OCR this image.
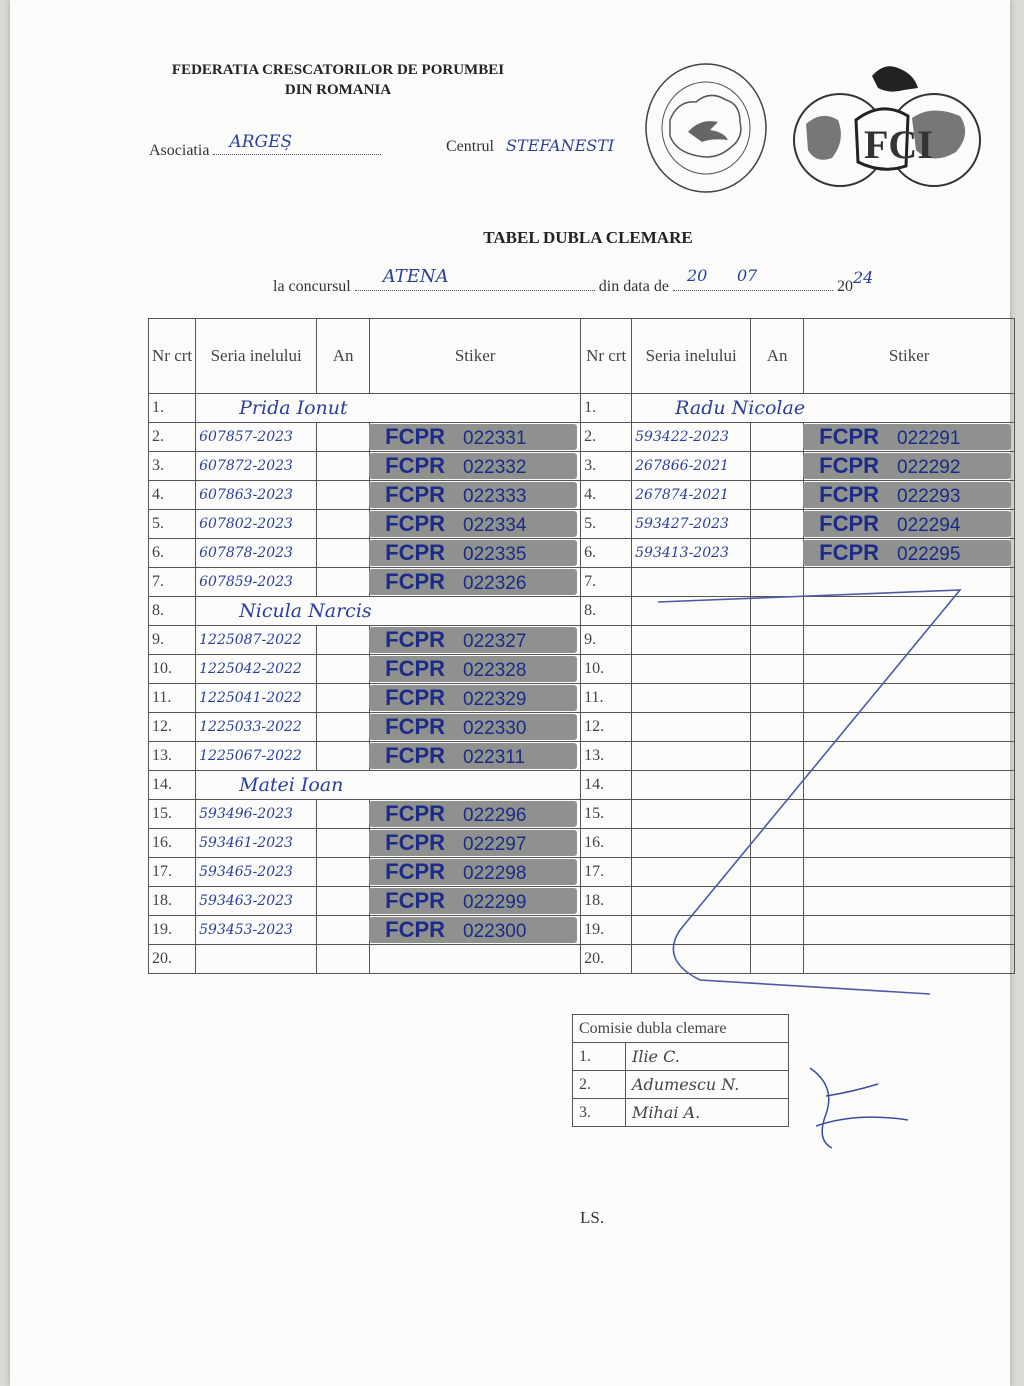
FEDERATIA CRESCATORILOR DE PORUMBEI
DIN ROMANIA
Asociatia ARGEȘ	Centrul STEFANESTI	FCI
TABEL DUBLA CLEMARE
la concursul ATENA	din data de
20 07
2024
Nr crt	Seria inelului	An	Stiker	Nr crt	Seria inelului	An	Stiker
1.	Prida Ionut			1.	Radu Nicolae		
2.	607857-2023		FCPR 022331	2.	593422-2023		FCPR 022291
3.	607872-2023		FCPR 022332	3.	267866-2021		FCPR 022292
4.	607863-2023		FCPR 022333	4.	267874-2021		FCPR 022293
5.	607802-2023		FCPR 022334	5.	593427-2023		FCPR 022294
6.	607878-2023		FCPR 022335	6.	593413-2023		FCPR 022295
7.	607859-2023		FCPR 022326	7.			
8.	Nicula Narcis			8.			
9.	1225087-2022		FCPR 022327	9.			
10.	1225042-2022		FCPR 022328	10.			
11.	1225041-2022		FCPR 022329	11.			
12.	1225033-2022		FCPR 022330	12.			
13.	1225067-2022		FCPR 022311	13.			
14.	Matei Ioan			14.			
15.	593496-2023		FCPR 022296	15.			
16.	593461-2023		FCPR 022297	16.			
17.	593465-2023		FCPR 022298	17.			
18.	593463-2023		FCPR 022299	18.			
19.	593453-2023		FCPR 022300	19.			
20.				20.			
Comisie dubla clemare	
1.	Ilie C.
2.	Adumescu N.
3.	Mihai A.
LS.
